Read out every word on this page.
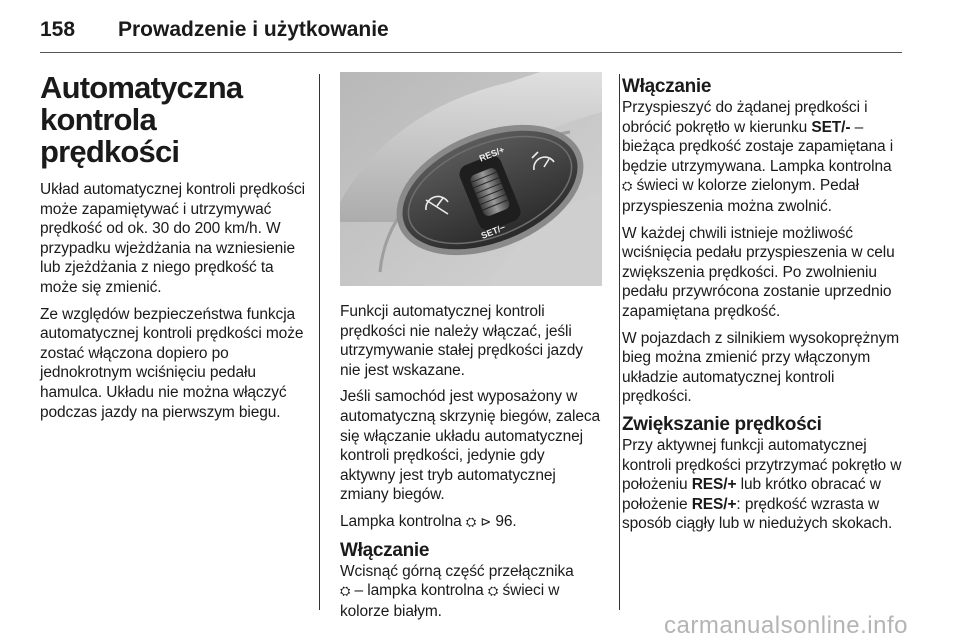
158 Prowadzenie i użytkowanie
Automatyczna kontrola
prędkości

Układ automatycznej kontroli prędkości może zapamiętywać i utrzymywać prędkość od ok. 30 do 200 km/h. W przypadku wjeżdżania na wzniesienie lub zjeżdżania z niego prędkość ta może się zmienić.

Ze względów bezpieczeństwa funkcja automatycznej kontroli prędkości może zostać włączona dopiero po jednokrotnym wciśnięciu pedału hamulca. Układu nie można włączyć podczas jazdy na pierwszym biegu.

RES/+
SET/−

Funkcji automatycznej kontroli prędkości nie należy włączać, jeśli utrzymywanie stałej prędkości jazdy nie jest wskazane.

Jeśli samochód jest wyposażony w automatyczną skrzynię biegów, zaleca się włączanie układu automatycznej kontroli prędkości, jedynie gdy aktywny jest tryb automatycznej zmiany biegów.

Lampka kontrolna ⛭ ⊳ 96.

Włączanie

Wcisnąć górną część przełącznika
⛭ – lampka kontrolna ⛭ świeci w kolorze białym.

Włączanie

Przyspieszyć do żądanej prędkości i obrócić pokrętło w kierunku SET/- – bieżąca prędkość zostaje zapamiętana i będzie utrzymywana. Lampka kontrolna ⛭ świeci w kolorze zielonym. Pedał przyspieszenia można zwolnić.

W każdej chwili istnieje możliwość wciśnięcia pedału przyspieszenia w celu zwiększenia prędkości. Po zwolnieniu pedału przywrócona zostanie uprzednio zapamiętana prędkość.

W pojazdach z silnikiem wysokoprężnym bieg można zmienić przy włączonym układzie automatycznej kontroli prędkości.

Zwiększanie prędkości

Przy aktywnej funkcji automatycznej kontroli prędkości przytrzymać pokrętło w położeniu RES/+ lub krótko obracać w położenie RES/+: prędkość wzrasta w sposób ciągły lub w niedużych skokach.

carmanualsonline.info
